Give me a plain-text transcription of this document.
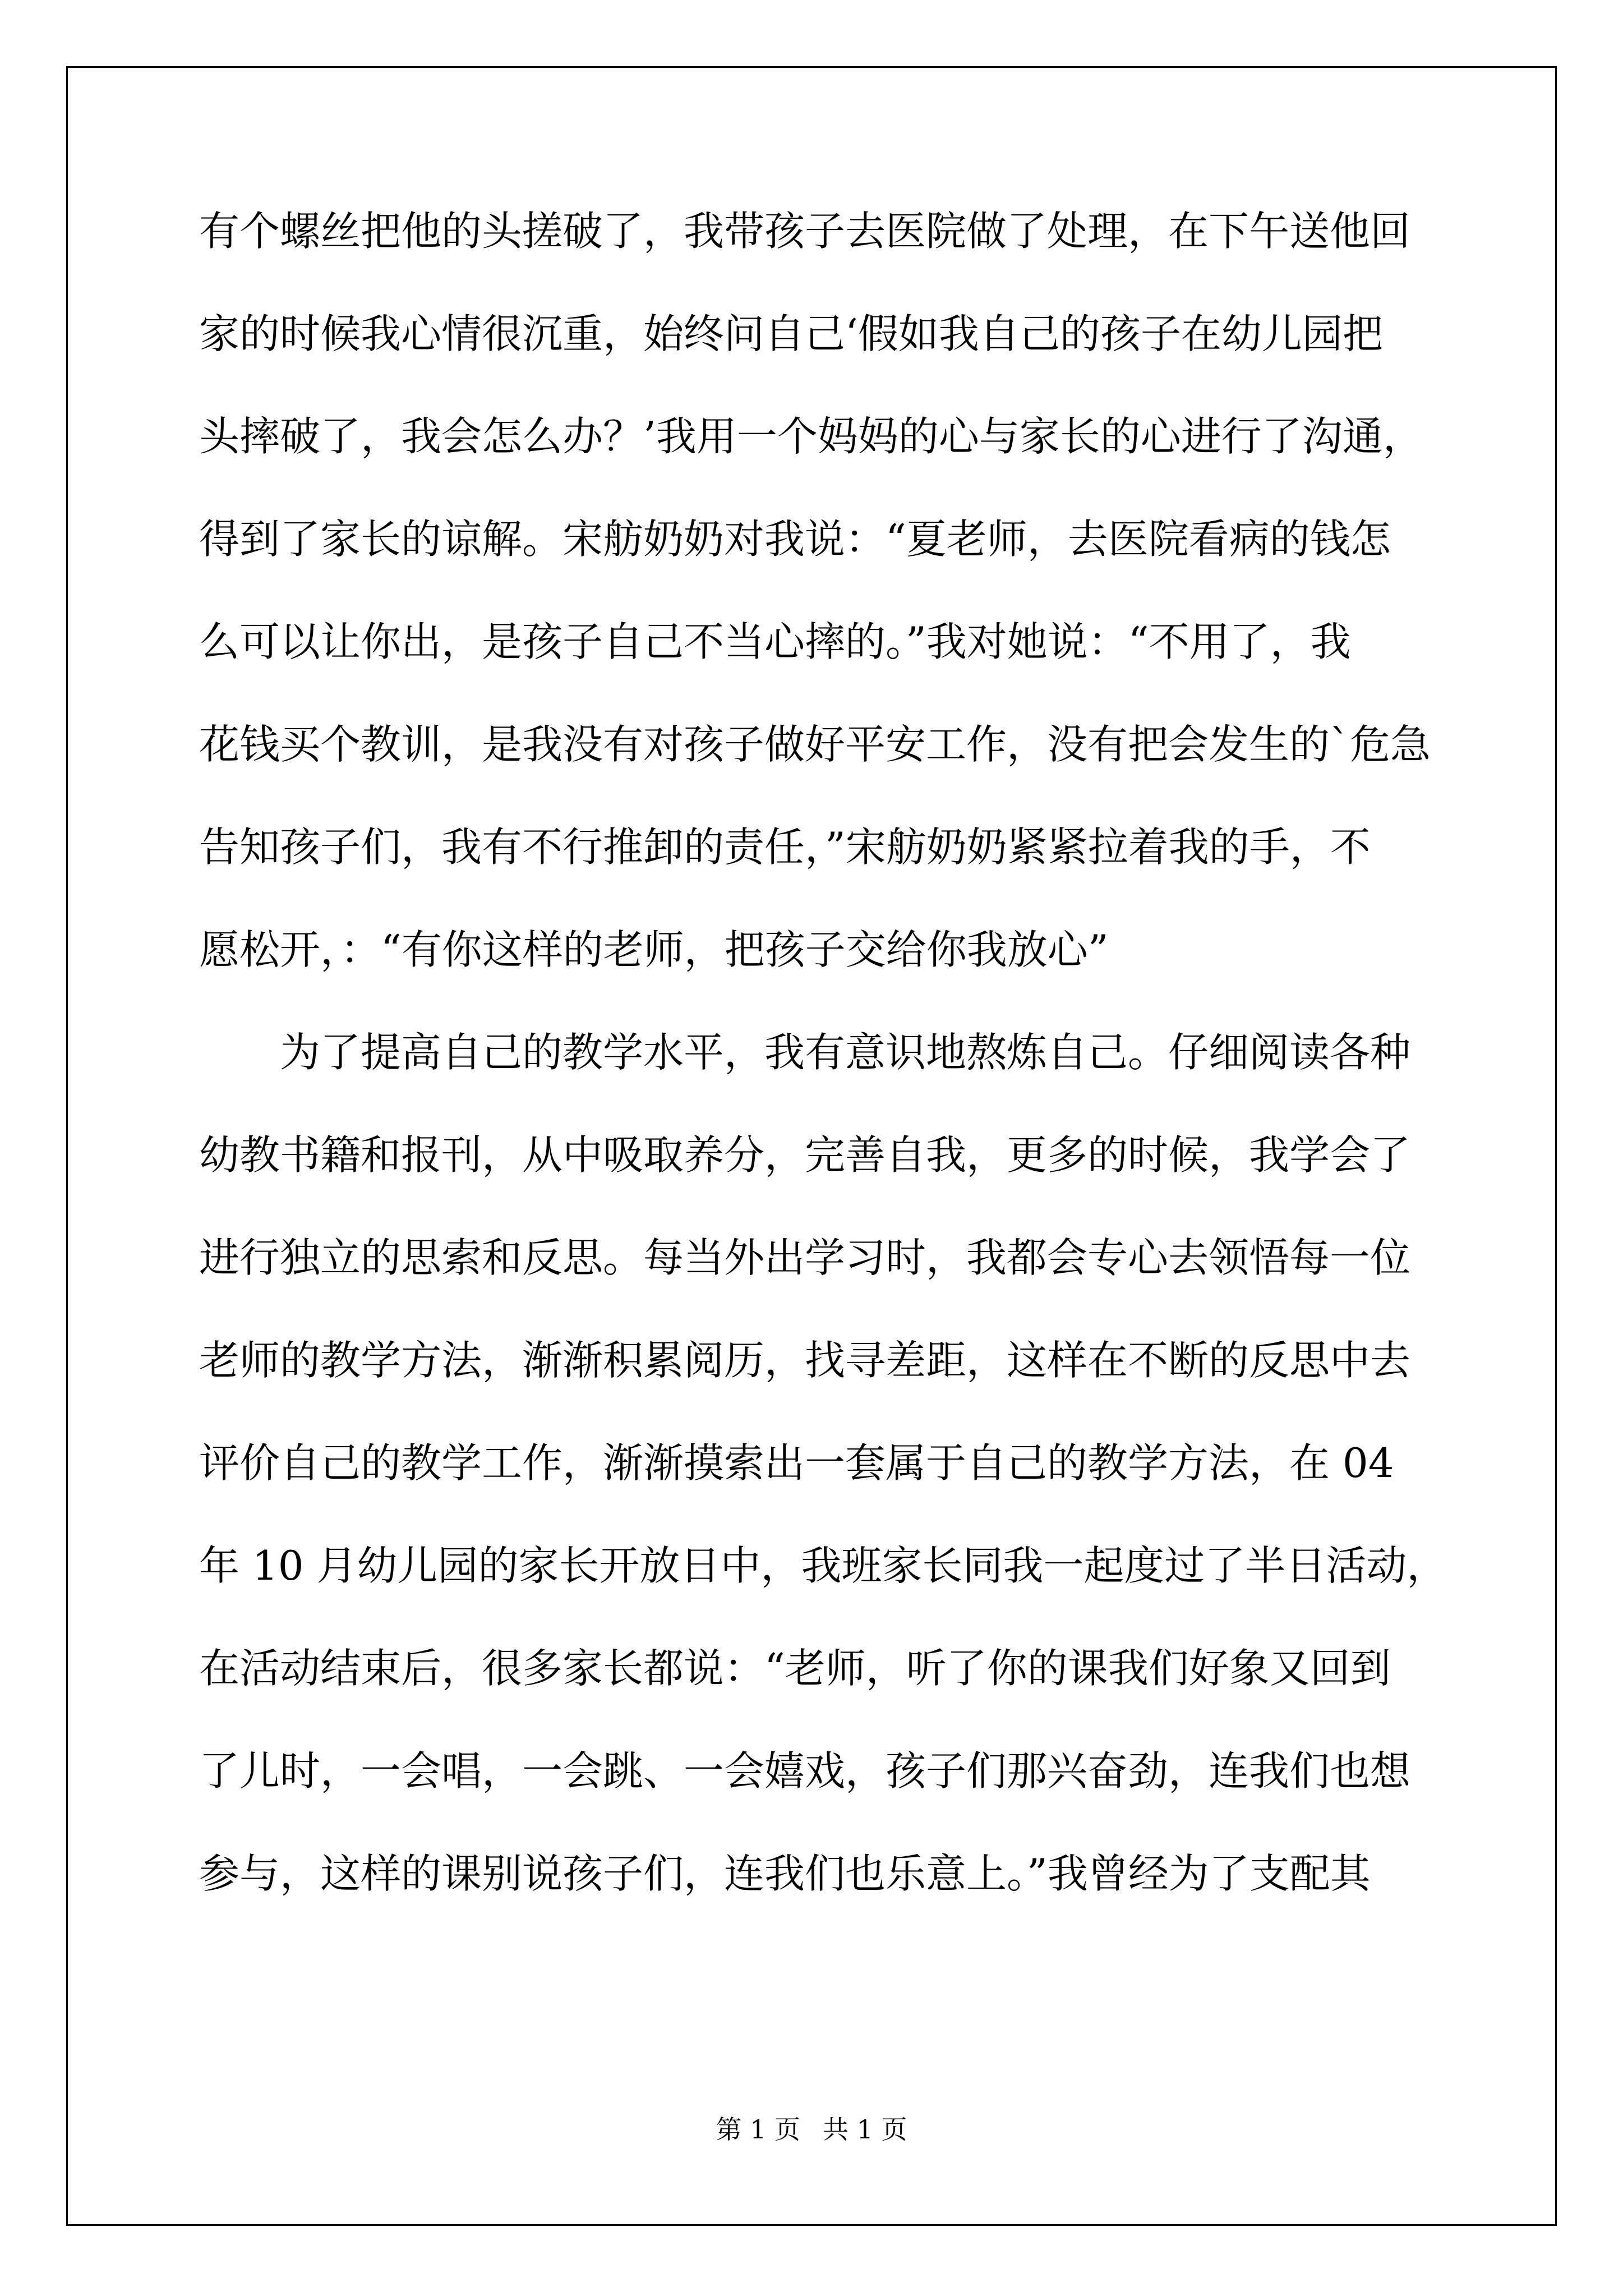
有个螺丝把他的头搓破了，我带孩子去医院做了处理，在下午送他回
家的时候我心情很沉重，始终问自己‘假如我自己的孩子在幼儿园把
头摔破了，我会怎么办？’我用一个妈妈的心与家长的心进行了沟通，
得到了家长的谅解。宋舫奶奶对我说：“夏老师，去医院看病的钱怎
么可以让你出，是孩子自己不当心摔的。”我对她说：“不用了，我
花钱买个教训，是我没有对孩子做好平安工作，没有把会发生的`危急
告知孩子们，我有不行推卸的责任，”宋舫奶奶紧紧拉着我的手，不
愿松开，：“有你这样的老师，把孩子交给你我放心”
为了提高自己的教学水平，我有意识地熬炼自己。仔细阅读各种
幼教书籍和报刊，从中吸取养分，完善自我，更多的时候，我学会了
进行独立的思索和反思。每当外出学习时，我都会专心去领悟每一位
老师的教学方法，渐渐积累阅历，找寻差距，这样在不断的反思中去
评价自己的教学工作，渐渐摸索出一套属于自己的教学方法，在 04
年 10 月幼儿园的家长开放日中，我班家长同我一起度过了半日活动，
在活动结束后，很多家长都说：“老师，听了你的课我们好象又回到
了儿时，一会唱，一会跳、一会嬉戏，孩子们那兴奋劲，连我们也想
参与，这样的课别说孩子们，连我们也乐意上。”我曾经为了支配其
第 1 页 共 1 页
